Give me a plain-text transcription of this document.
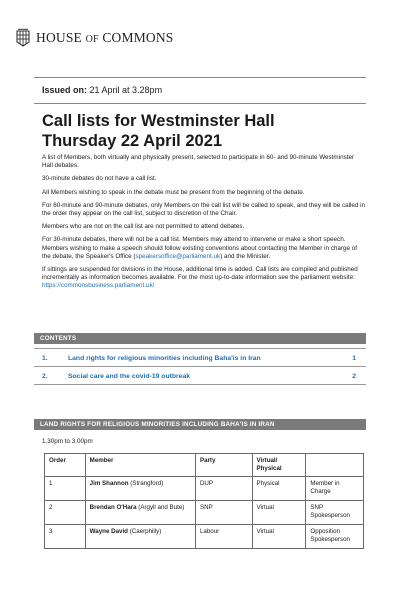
HOUSE OF COMMONS
Issued on: 21 April at 3.28pm
Call lists for Westminster Hall
Thursday 22 April 2021

A list of Members, both virtually and physically present, selected to participate in 60- and 90-minute Westminster Hall debates.

30-minute debates do not have a call list.

All Members wishing to speak in the debate must be present from the beginning of the debate.

For 60-minute and 90-minute debates, only Members on the call list will be called to speak, and they will be called in the order they appear on the call list, subject to discretion of the Chair.

Members who are not on the call list are not permitted to attend debates.

For 30-minute debates, there will not be a call list. Members may attend to intervene or make a short speech. Members wishing to make a speech should follow existing conventions about contacting the Member in charge of the debate, the Speaker's Office (speakersoffice@parliament.uk) and the Minister.

If sittings are suspended for divisions in the House, additional time is added. Call lists are compiled and published incrementally as information becomes available. For the most up-to-date information see the parliament website: https://commonsbusiness.parliament.uk/

CONTENTS
1.	Land rights for religious minorities including Baha'is in Iran	1
2.	Social care and the covid-19 outbreak	2
LAND RIGHTS FOR RELIGIOUS MINORITIES INCLUDING BAHA'IS IN IRAN
1.30pm to 3.00pm
Order	Member	Party	Virtual/ Physical	
1	Jim Shannon (Strangford)	DUP	Physical	Member in Charge
2	Brendan O'Hara (Argyll and Bute)	SNP	Virtual	SNP Spokesperson
3	Wayne David (Caerphilly)	Labour	Virtual	Opposition Spokesperson
